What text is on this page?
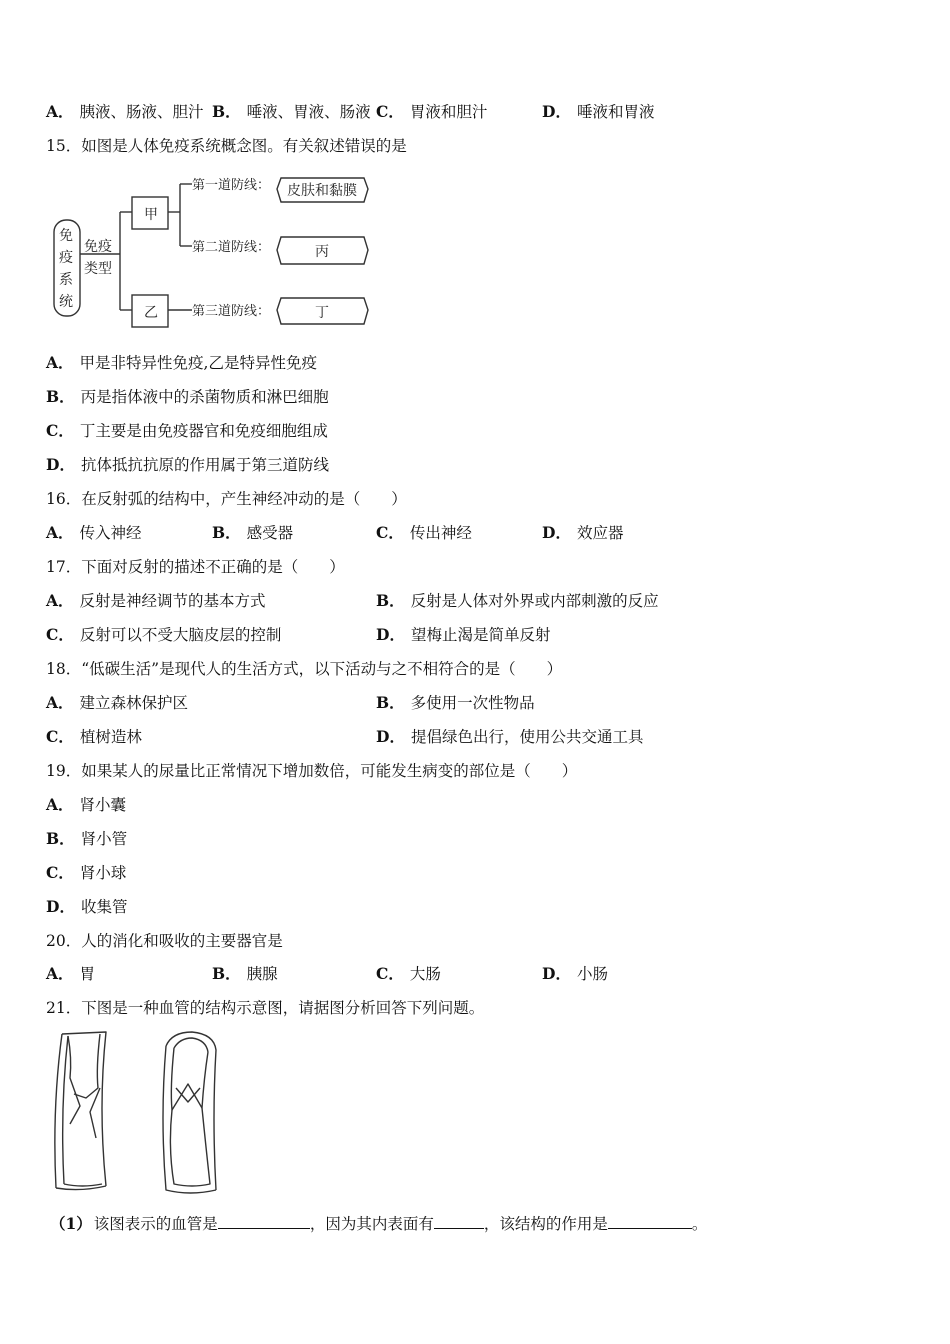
A． 胰液、肠液、胆汁 B． 唾液、胃液、肠液 C． 胃液和胆汁	D． 唾液和胃液
15．如图是人体免疫系统概念图。有关叙述错误的是
免
疫
系
统
免疫
类型
甲
乙
第一道防线：
第二道防线：
第三道防线：
皮肤和黏膜
丙
丁
A． 甲是非特异性免疫,乙是特异性免疫
B． 丙是指体液中的杀菌物质和淋巴细胞
C． 丁主要是由免疫器官和免疫细胞组成
D． 抗体抵抗抗原的作用属于第三道防线
16．在反射弧的结构中，产生神经冲动的是（　　）
A． 传入神经	B． 感受器	C． 传出神经	D． 效应器
17．下面对反射的描述不正确的是（　　）
A． 反射是神经调节的基本方式	B． 反射是人体对外界或内部刺激的反应
C． 反射可以不受大脑皮层的控制	D． 望梅止渴是简单反射
18．“低碳生活”是现代人的生活方式，以下活动与之不相符合的是（　　）
A． 建立森林保护区	B． 多使用一次性物品
C． 植树造林	D． 提倡绿色出行，使用公共交通工具
19．如果某人的尿量比正常情况下增加数倍，可能发生病变的部位是（　　）
A． 肾小囊
B． 肾小管
C． 肾小球
D． 收集管
20．人的消化和吸收的主要器官是
A． 胃	B． 胰腺	C． 大肠	D． 小肠
21．下图是一种血管的结构示意图，请据图分析回答下列问题。
（1） 该图表示的血管是	，因为其内表面有	，该结构的作用是	。
